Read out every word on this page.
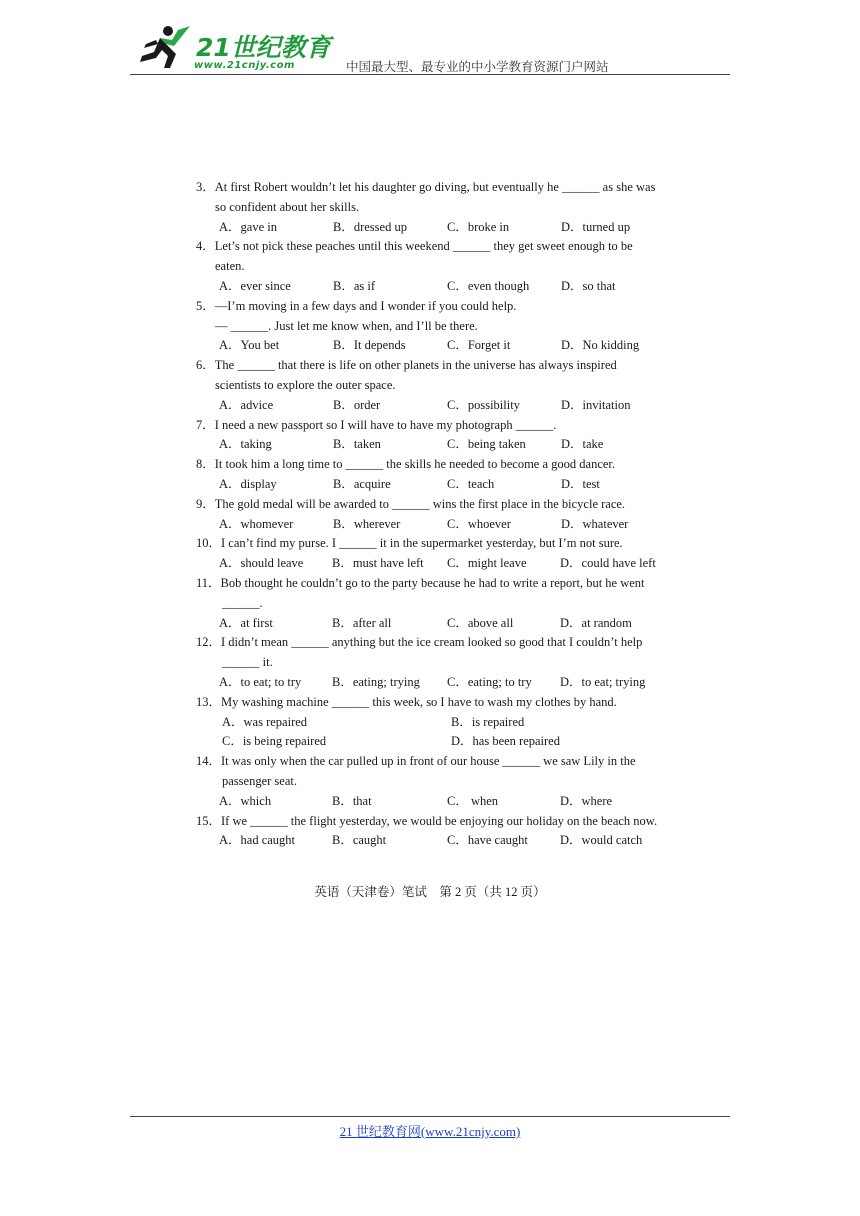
21世纪教育
www.21cnjy.com	中国最大型、最专业的中小学教育资源门户网站
3． At first Robert wouldn’t let his daughter go diving, but eventually he ______ as she was
so confident about her skills.
A．gave in	B．dressed up	C．broke in	D．turned up
4． Let’s not pick these peaches until this weekend ______ they get sweet enough to be
eaten.
A．ever since	B．as if	C．even though	D．so that
5． —I’m moving in a few days and I wonder if you could help.
— ______. Just let me know when, and I’ll be there.
A．You bet	B．It depends	C．Forget it	D．No kidding
6． The ______ that there is life on other planets in the universe has always inspired
scientists to explore the outer space.
A．advice	B．order	C．possibility	D．invitation
7． I need a new passport so I will have to have my photograph ______.
A．taking	B．taken	C．being taken	D．take
8． It took him a long time to ______ the skills he needed to become a good dancer.
A．display	B．acquire	C．teach	D．test
9． The gold medal will be awarded to ______ wins the first place in the bicycle race.
A．whomever	B．wherever	C．whoever	D．whatever
10． I can’t find my purse. I ______ it in the supermarket yesterday, but I’m not sure.
A．should leave	B．must have left	C．might leave	D．could have left
11． Bob thought he couldn’t go to the party because he had to write a report, but he went
______.
A．at first	B．after all	C．above all	D．at random
12． I didn’t mean ______ anything but the ice cream looked so good that I couldn’t help
______ it.
A．to eat; to try	B．eating; trying	C．eating; to try	D．to eat; trying
13． My washing machine ______ this week, so I have to wash my clothes by hand.
A．was repaired	B．is repaired
C．is being repaired	D．has been repaired
14． It was only when the car pulled up in front of our house ______ we saw Lily in the
passenger seat.
A．which	B．that	C． when	D．where
15． If we ______ the flight yesterday, we would be enjoying our holiday on the beach now.
A．had caught	B．caught	C．have caught	D．would catch
英语（天津卷）笔试　第 2 页（共 12 页）
21 世纪教育网(www.21cnjy.com)
